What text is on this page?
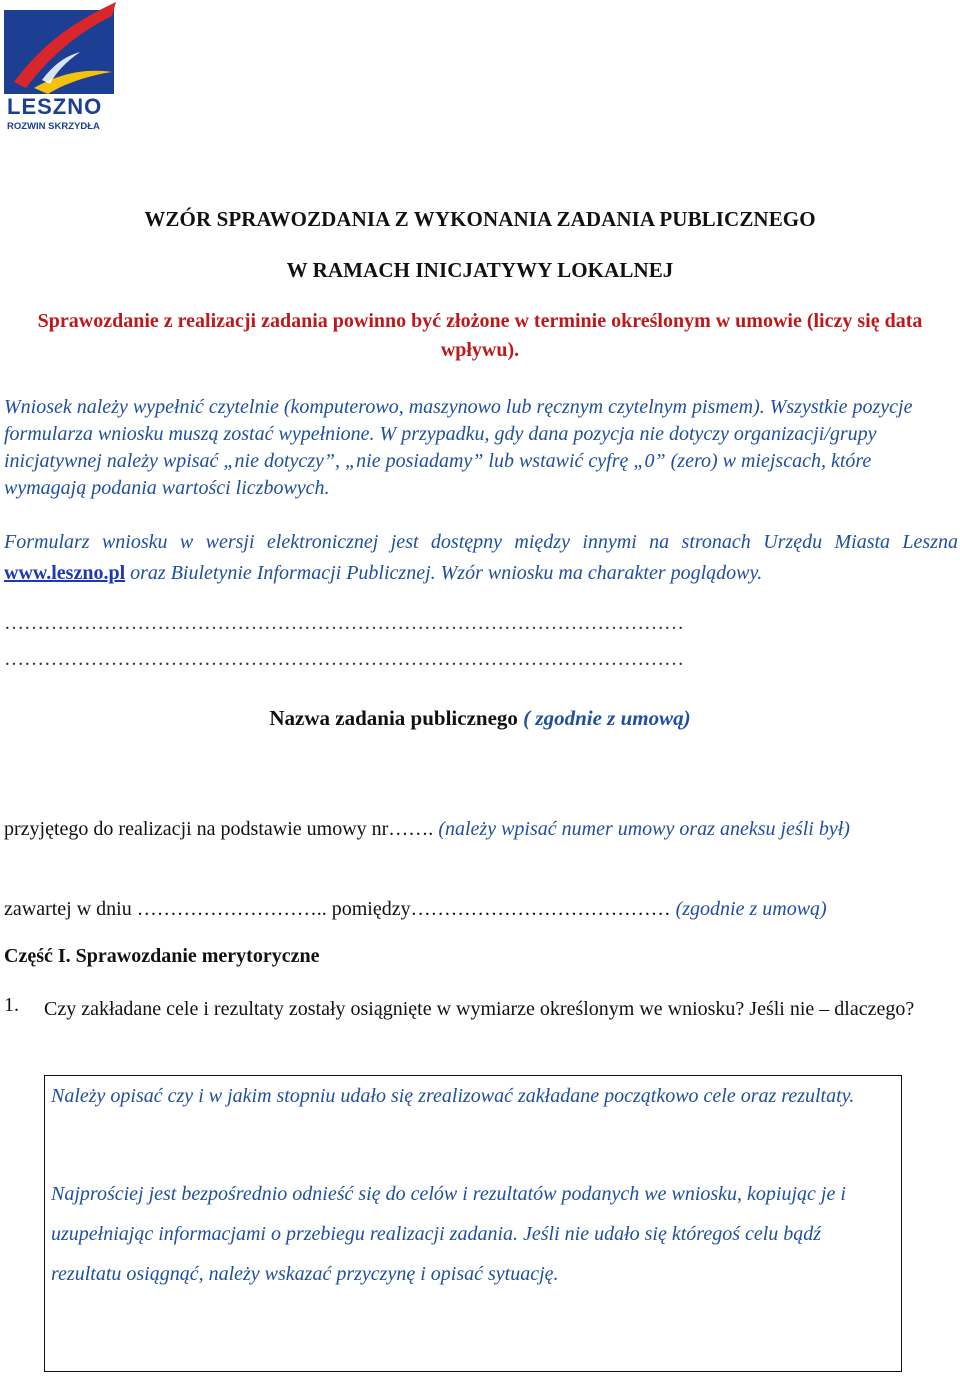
LESZNO
ROZWIN SKRZYDŁA
WZÓR SPRAWOZDANIA Z WYKONANIA ZADANIA PUBLICZNEGO
W RAMACH INICJATYWY LOKALNEJ
Sprawozdanie z realizacji zadania powinno być złożone w terminie określonym w umowie (liczy się data wpływu).
Wniosek należy wypełnić czytelnie (komputerowo, maszynowo lub ręcznym czytelnym pismem). Wszystkie pozycje formularza wniosku muszą zostać wypełnione. W przypadku, gdy dana pozycja nie dotyczy organizacji/grupy inicjatywnej należy wpisać „nie dotyczy”, „nie posiadamy” lub wstawić cyfrę „0” (zero) w miejscach, które wymagają podania wartości liczbowych.
Formularz wniosku w wersji elektronicznej jest dostępny między innymi na stronach Urzędu Miasta Leszna www.leszno.pl oraz Biuletynie Informacji Publicznej. Wzór wniosku ma charakter poglądowy.
…………………………………………………………………………………………
…………………………………………………………………………………………
Nazwa zadania publicznego ( zgodnie z umową)
przyjętego do realizacji na podstawie umowy nr……. (należy wpisać numer umowy oraz aneksu jeśli był)
zawartej w dniu ……………………….. pomiędzy………………………………… (zgodnie z umową)
Część I. Sprawozdanie merytoryczne
1. Czy zakładane cele i rezultaty zostały osiągnięte w wymiarze określonym we wniosku? Jeśli nie – dlaczego?
Należy opisać czy i w jakim stopniu udało się zrealizować zakładane początkowo cele oraz rezultaty.
Najprościej jest bezpośrednio odnieść się do celów i rezultatów podanych we wniosku, kopiując je i uzupełniając informacjami o przebiegu realizacji zadania. Jeśli nie udało się któregoś celu bądź rezultatu osiągnąć, należy wskazać przyczynę i opisać sytuację.
